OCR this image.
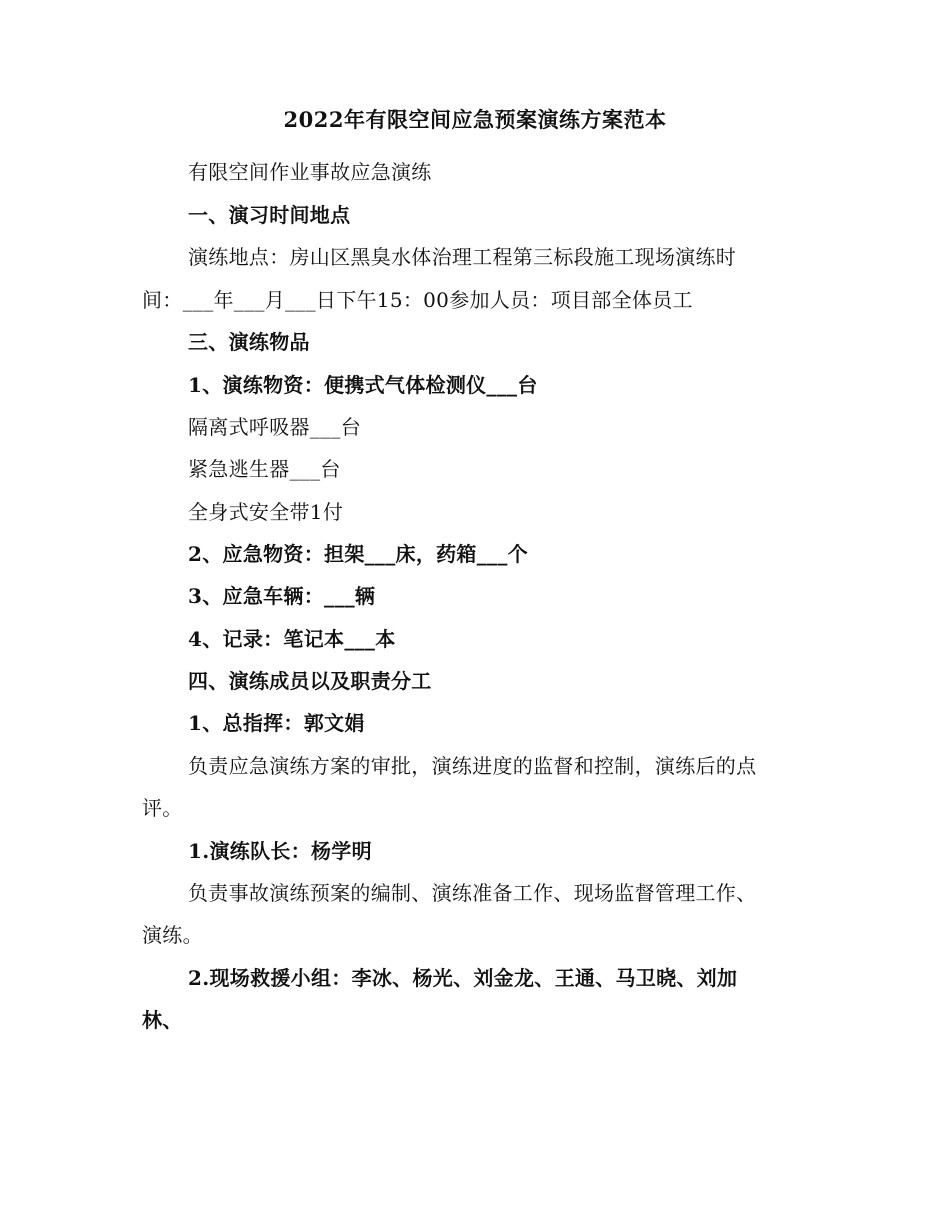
2022年有限空间应急预案演练方案范本
有限空间作业事故应急演练
一、演习时间地点
演练地点：房山区黑臭水体治理工程第三标段施工现场演练时
间：___年___月___日下午15：00参加人员：项目部全体员工
三、演练物品
1、演练物资：便携式气体检测仪___台
隔离式呼吸器___台
紧急逃生器___台
全身式安全带1付
2、应急物资：担架___床，药箱___个
3、应急车辆：___辆
4、记录：笔记本___本
四、演练成员以及职责分工
1、总指挥：郭文娟
负责应急演练方案的审批，演练进度的监督和控制，演练后的点
评。
1.演练队长：杨学明
负责事故演练预案的编制、演练准备工作、现场监督管理工作、
演练。
2.现场救援小组：李冰、杨光、刘金龙、王通、马卫晓、刘加
林、
